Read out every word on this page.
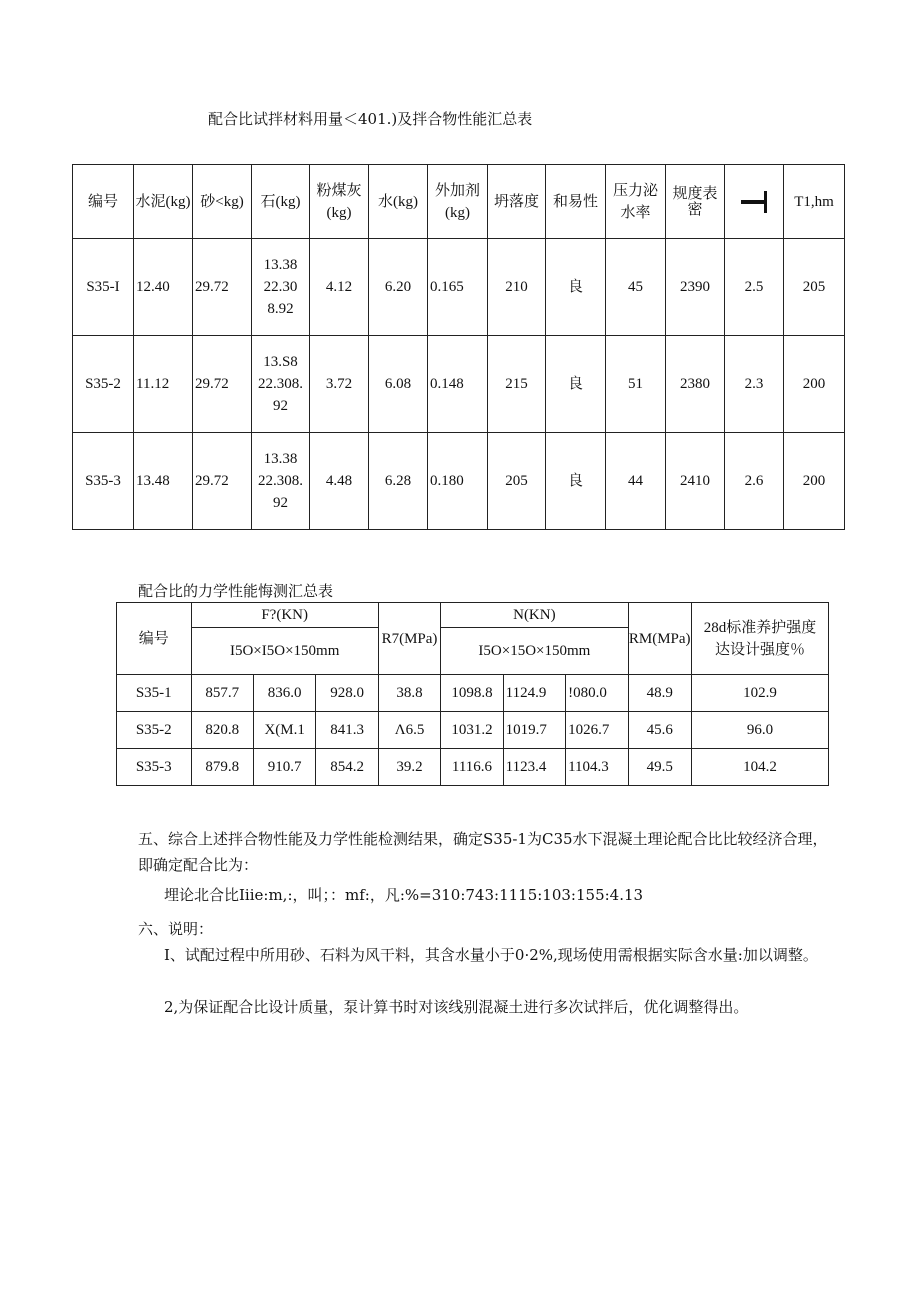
配合比试拌材料用量＜401.)及拌合物性能汇总表
编号	水泥(kg)	砂<kg)	石(kg)	粉煤灰(kg)	水(kg)	外加剂(kg)	坍落度	和易性	压力泌水率	规度表密		T1,hm
S35-I	12.40	29.72	13.38 22.30 8.92	4.12	6.20	0.165	210	良	45	2390	2.5	205
S35-2	11.12	29.72	13.S8 22.308. 92	3.72	6.08	0.148	215	良	51	2380	2.3	200
S35-3	13.48	29.72	13.38 22.308. 92	4.48	6.28	0.180	205	良	44	2410	2.6	200
配合比的力学性能悔测汇总表
编号	F?(KN)			R7(MPa)	N(KN)			RM(MPa)	28d标准养护强度达设计强度％
	I5O×I5O×150mm				I5O×15O×150mm				
S35-1	857.7	836.0	928.0	38.8	1098.8	1124.9	!080.0	48.9	102.9
S35-2	820.8	X(M.1	841.3	Λ6.5	1031.2	1019.7	1026.7	45.6	96.0
S35-3	879.8	910.7	854.2	39.2	1116.6	1123.4	1104.3	49.5	104.2
五、综合上述拌合物性能及力学性能检测结果，确定S35-1为C35水下混凝土理论配合比比较经济合理，即确定配合比为：
埋论北合比Iiie:m,:，叫；：mf:，凡:%=310:743:1115:103:155:4.13
六、说明：
I、试配过程中所用砂、石料为风干料，其含水量小于0·2%,现场使用需根据实际含水量:加以调整。
2,为保证配合比设计质量，泵计算书时对该线别混凝土进行多次试拌后，优化调整得出。
